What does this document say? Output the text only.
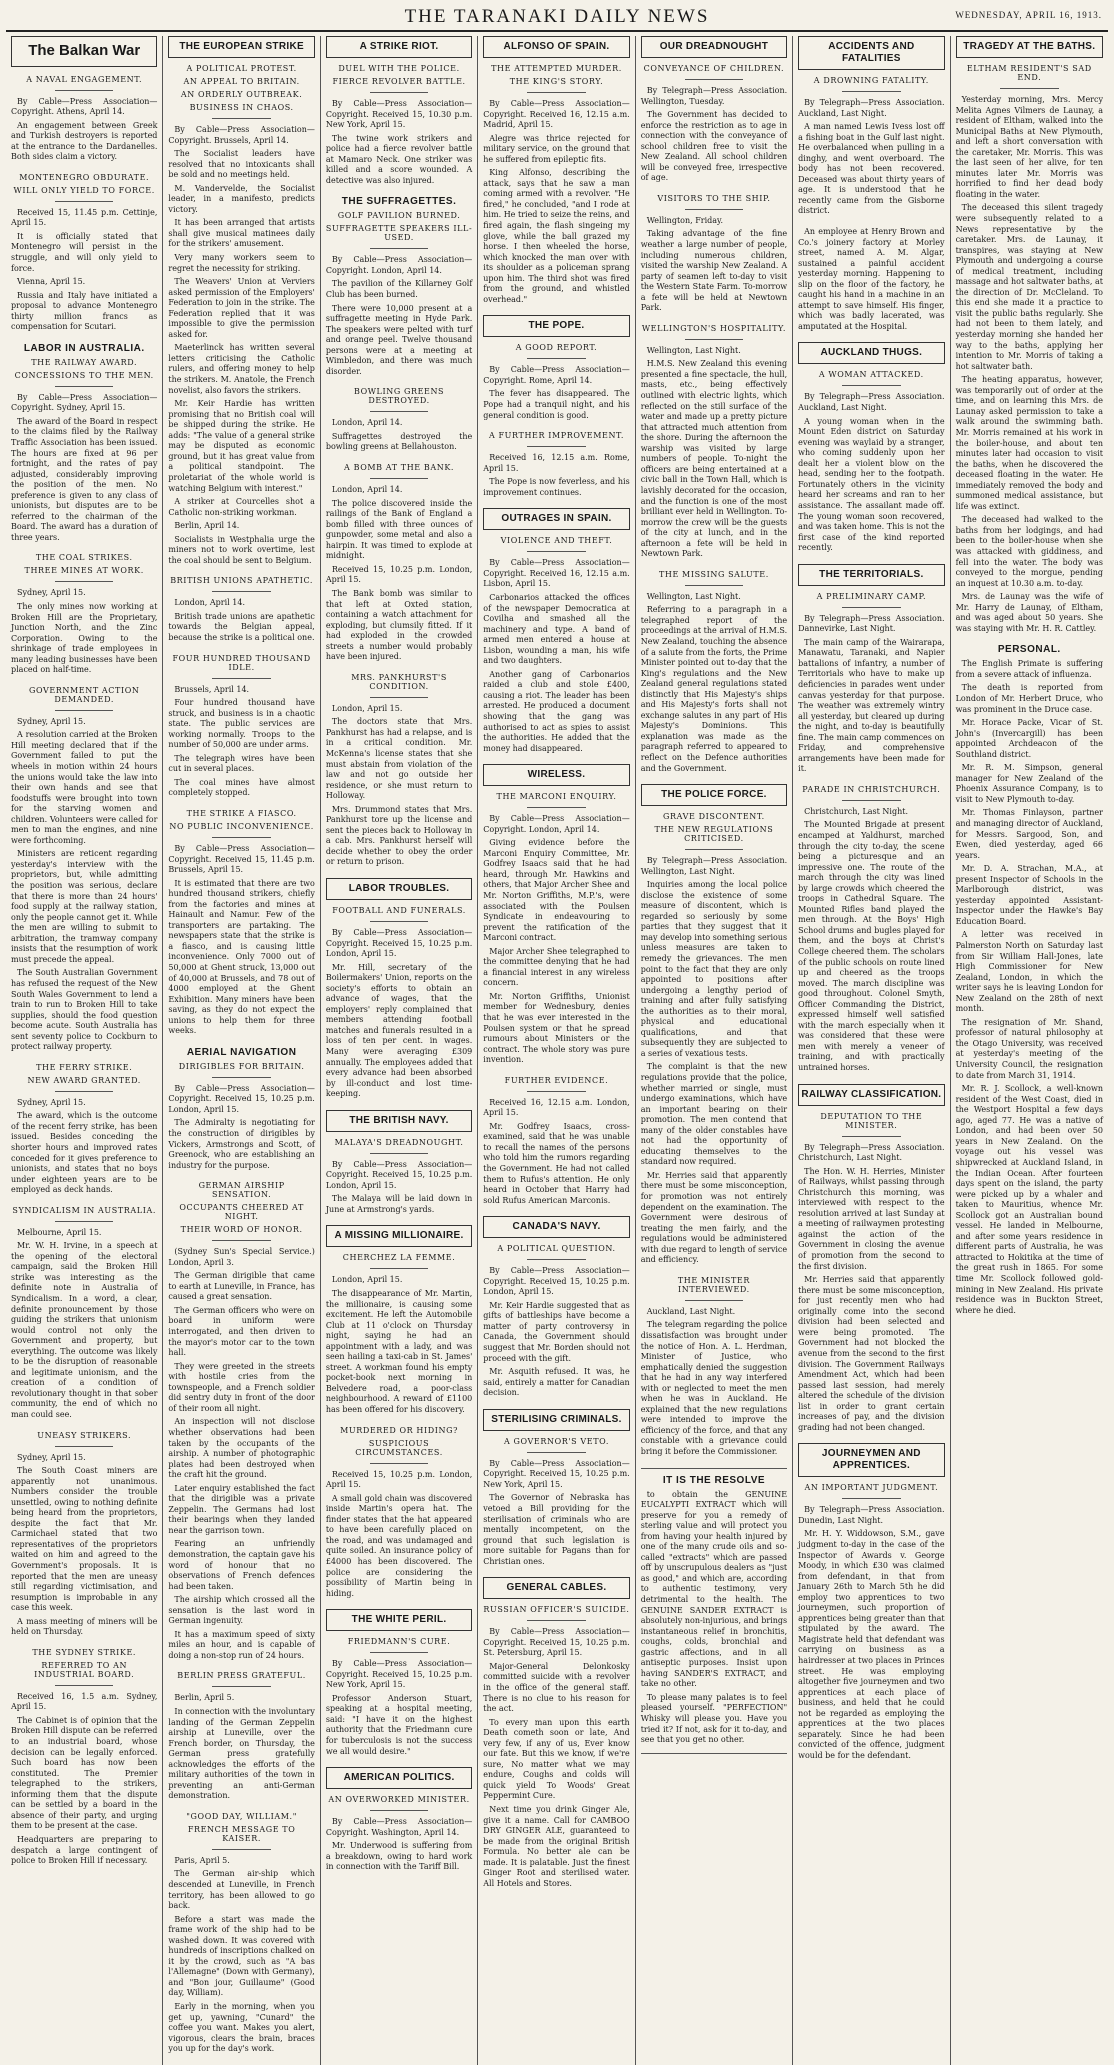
THE TARANAKI DAILY NEWS	WEDNESDAY, APRIL 16, 1913.
The Balkan War
A NAVAL ENGAGEMENT.

By Cable—Press Association—Copyright. Athens, April 14.

An engagement between Greek and Turkish destroyers is reported at the entrance to the Dardanelles. Both sides claim a victory.

MONTENEGRO OBDURATE.
WILL ONLY YIELD TO FORCE.

Received 15, 11.45 p.m. Cettinje, April 15.

It is officially stated that Montenegro will persist in the struggle, and will only yield to force.

Vienna, April 15.

Russia and Italy have initiated a proposal to advance Montenegro thirty million francs as compensation for Scutari.

LABOR IN AUSTRALIA.
THE RAILWAY AWARD.
CONCESSIONS TO THE MEN.

By Cable—Press Association—Copyright. Sydney, April 15.

The award of the Board in respect to the claims filed by the Railway Traffic Association has been issued. The hours are fixed at 96 per fortnight, and the rates of pay adjusted, considerably improving the position of the men. No preference is given to any class of unionists, but disputes are to be referred to the chairman of the Board. The award has a duration of three years.

THE COAL STRIKES.
THREE MINES AT WORK.

Sydney, April 15.

The only mines now working at Broken Hill are the Proprietary, Junction North, and the Zinc Corporation. Owing to the shrinkage of trade employees in many leading businesses have been placed on half-time.

GOVERNMENT ACTION DEMANDED.

Sydney, April 15.

A resolution carried at the Broken Hill meeting declared that if the Government failed to put the wheels in motion within 24 hours the unions would take the law into their own hands and see that foodstuffs were brought into town for the starving women and children. Volunteers were called for men to man the engines, and nine were forthcoming.

Ministers are reticent regarding yesterday's interview with the proprietors, but, while admitting the position was serious, declare that there is more than 24 hours' food supply at the railway station, only the people cannot get it. While the men are willing to submit to arbitration, the tramway company insists that the resumption of work must precede the appeal.

The South Australian Government has refused the request of the New South Wales Government to lend a train to run to Broken Hill to take supplies, should the food question become acute. South Australia has sent seventy police to Cockburn to protect railway property.

THE FERRY STRIKE.
NEW AWARD GRANTED.

Sydney, April 15.

The award, which is the outcome of the recent ferry strike, has been issued. Besides conceding the shorter hours and improved rates conceded for it gives preference to unionists, and states that no boys under eighteen years are to be employed as deck hands.

SYNDICALISM IN AUSTRALIA.

Melbourne, April 15.

Mr. W. H. Irvine, in a speech at the opening of the electoral campaign, said the Broken Hill strike was interesting as the definite note in Australia of Syndicalism. In a word, a clear, definite pronouncement by those guiding the strikers that unionism would control not only the Government and property, but everything. The outcome was likely to be the disruption of reasonable and legitimate unionism, and the creation of a condition of revolutionary thought in that sober community, the end of which no man could see.

UNEASY STRIKERS.

Sydney, April 15.

The South Coast miners are apparently not unanimous. Numbers consider the trouble unsettled, owing to nothing definite being heard from the proprietors, despite the fact that Mr. Carmichael stated that two representatives of the proprietors waited on him and agreed to the Government's proposals. It is reported that the men are uneasy still regarding victimisation, and resumption is improbable in any case this week.

A mass meeting of miners will be held on Thursday.

THE SYDNEY STRIKE.
REFERRED TO AN INDUSTRIAL BOARD.

Received 16, 1.5 a.m. Sydney, April 15.

The Cabinet is of opinion that the Broken Hill dispute can be referred to an industrial board, whose decision can be legally enforced. Such board has now been constituted. The Premier telegraphed to the strikers, informing them that the dispute can be settled by a board in the absence of their party, and urging them to be present at the case.

Headquarters are preparing to despatch a large contingent of police to Broken Hill if necessary.

THE EUROPEAN STRIKE
A POLITICAL PROTEST.
AN APPEAL TO BRITAIN.
AN ORDERLY OUTBREAK.
BUSINESS IN CHAOS.

By Cable—Press Association—Copyright. Brussels, April 14.

The Socialist leaders have resolved that no intoxicants shall be sold and no meetings held.

M. Vandervelde, the Socialist leader, in a manifesto, predicts victory.

It has been arranged that artists shall give musical matinees daily for the strikers' amusement.

Very many workers seem to regret the necessity for striking.

The Weavers' Union at Verviers asked permission of the Employers' Federation to join in the strike. The Federation replied that it was impossible to give the permission asked for.

Maeterlinck has written several letters criticising the Catholic rulers, and offering money to help the strikers. M. Anatole, the French novelist, also favors the strikers.

Mr. Keir Hardie has written promising that no British coal will be shipped during the strike. He adds: "The value of a general strike may be disputed as economic ground, but it has great value from a political standpoint. The proletariat of the whole world is watching Belgium with interest."

A striker at Courcelles shot a Catholic non-striking workman.

Berlin, April 14.

Socialists in Westphalia urge the miners not to work overtime, lest the coal should be sent to Belgium.

BRITISH UNIONS APATHETIC.

London, April 14.

British trade unions are apathetic towards the Belgian appeal, because the strike is a political one.

FOUR HUNDRED THOUSAND IDLE.

Brussels, April 14.

Four hundred thousand have struck, and business is in a chaotic state. The public services are working normally. Troops to the number of 50,000 are under arms.

The telegraph wires have been cut in several places.

The coal mines have almost completely stopped.

THE STRIKE A FIASCO.
NO PUBLIC INCONVENIENCE.

By Cable—Press Association—Copyright. Received 15, 11.45 p.m. Brussels, April 15.

It is estimated that there are two hundred thousand strikers, chiefly from the factories and mines at Hainault and Namur. Few of the transporters are partaking. The newspapers state that the strike is a fiasco, and is causing little inconvenience. Only 7000 out of 50,000 at Ghent struck, 13,000 out of 40,000 at Brussels, and 78 out of 4000 employed at the Ghent Exhibition. Many miners have been saving, as they do not expect the unions to help them for three weeks.

AERIAL NAVIGATION
DIRIGIBLES FOR BRITAIN.

By Cable—Press Association—Copyright. Received 15, 10.25 p.m. London, April 15.

The Admiralty is negotiating for the construction of dirigibles by Vickers, Armstrongs and Scott, of Greenock, who are establishing an industry for the purpose.

GERMAN AIRSHIP SENSATION.
OCCUPANTS CHEERED AT NIGHT.
THEIR WORD OF HONOR.

(Sydney Sun's Special Service.) London, April 3.

The German dirigible that came to earth at Luneville, in France, has caused a great sensation.

The German officers who were on board in uniform were interrogated, and then driven to the mayor's motor car to the town hall.

They were greeted in the streets with hostile cries from the townspeople, and a French soldier did sentry duty in front of the door of their room all night.

An inspection will not disclose whether observations had been taken by the occupants of the airship. A number of photographic plates had been destroyed when the craft hit the ground.

Later enquiry established the fact that the dirigible was a private Zeppelin. The Germans had lost their bearings when they landed near the garrison town.

Fearing an unfriendly demonstration, the captain gave his word of honour that no observations of French defences had been taken.

The airship which crossed all the sensation is the last word in German ingenuity.

It has a maximum speed of sixty miles an hour, and is capable of doing a non-stop run of 24 hours.

BERLIN PRESS GRATEFUL.

Berlin, April 5.

In connection with the involuntary landing of the German Zeppelin airship at Luneville, over the French border, on Thursday, the German press gratefully acknowledges the efforts of the military authorities of the town in preventing an anti-German demonstration.

"GOOD DAY, WILLIAM."
FRENCH MESSAGE TO KAISER.

Paris, April 5.

The German air-ship which descended at Luneville, in French territory, has been allowed to go back.

Before a start was made the frame work of the ship had to be washed down. It was covered with hundreds of inscriptions chalked on it by the crowd, such as "A bas l'Allemagne" (Down with Germany), and "Bon jour, Guillaume" (Good day, William).

Early in the morning, when you get up, yawning, "Cunard" the coffee you want. Makes you alert, vigorous, clears the brain, braces you up for the day's work.

A STRIKE RIOT.
DUEL WITH THE POLICE.
FIERCE REVOLVER BATTLE.

By Cable—Press Association—Copyright. Received 15, 10.30 p.m. New York, April 15.

The twine work strikers and police had a fierce revolver battle at Mamaro Neck. One striker was killed and a score wounded. A detective was also injured.

THE SUFFRAGETTES.
GOLF PAVILION BURNED.
SUFFRAGETTE SPEAKERS ILL-USED.

By Cable—Press Association—Copyright. London, April 14.

The pavilion of the Killarney Golf Club has been burned.

There were 10,000 present at a suffragette meeting in Hyde Park. The speakers were pelted with turf and orange peel. Twelve thousand persons were at a meeting at Wimbledon, and there was much disorder.

BOWLING GREENS DESTROYED.

London, April 14.

Suffragettes destroyed the bowling greens at Bellahouston.

A BOMB AT THE BANK.

London, April 14.

The police discovered inside the railings of the Bank of England a bomb filled with three ounces of gunpowder, some metal and also a hairpin. It was timed to explode at midnight.

Received 15, 10.25 p.m. London, April 15.

The Bank bomb was similar to that left at Oxted station, containing a watch attachment for exploding, but clumsily fitted. If it had exploded in the crowded streets a number would probably have been injured.

MRS. PANKHURST'S CONDITION.

London, April 15.

The doctors state that Mrs. Pankhurst has had a relapse, and is in a critical condition. Mr. McKenna's license states that she must abstain from violation of the law and not go outside her residence, or she must return to Holloway.

Mrs. Drummond states that Mrs. Pankhurst tore up the license and sent the pieces back to Holloway in a cab. Mrs. Pankhurst herself will decide whether to obey the order or return to prison.

LABOR TROUBLES.
FOOTBALL AND FUNERALS.

By Cable—Press Association—Copyright. Received 15, 10.25 p.m. London, April 15.

Mr. Hill, secretary of the Boilermakers' Union, reports on the society's efforts to obtain an advance of wages, that the employers' reply complained that members attending football matches and funerals resulted in a loss of ten per cent. in wages. Many were averaging £309 annually. The employees added that every advance had been absorbed by ill-conduct and lost time-keeping.

THE BRITISH NAVY.
MALAYA'S DREADNOUGHT.

By Cable—Press Association—Copyright. Received 15, 10.25 p.m. London, April 15.

The Malaya will be laid down in June at Armstrong's yards.

A MISSING MILLIONAIRE.
CHERCHEZ LA FEMME.

London, April 15.

The disappearance of Mr. Martin, the millionaire, is causing some excitement. He left the Automobile Club at 11 o'clock on Thursday night, saying he had an appointment with a lady, and was seen hailing a taxi-cab in St. James' street. A workman found his empty pocket-book next morning in Belvedere road, a poor-class neighbourhood. A reward of £1100 has been offered for his discovery.

MURDERED OR HIDING?
SUSPICIOUS CIRCUMSTANCES.

Received 15, 10.25 p.m. London, April 15.

A small gold chain was discovered inside Martin's opera hat. The finder states that the hat appeared to have been carefully placed on the road, and was undamaged and quite soiled. An insurance policy of £4000 has been discovered. The police are considering the possibility of Martin being in hiding.

THE WHITE PERIL.
FRIEDMANN'S CURE.

By Cable—Press Association—Copyright. Received 15, 10.25 p.m. New York, April 15.

Professor Anderson Stuart, speaking at a hospital meeting, said: "I have it on the highest authority that the Friedmann cure for tuberculosis is not the success we all would desire."

AMERICAN POLITICS.
AN OVERWORKED MINISTER.

By Cable—Press Association—Copyright. Washington, April 14.

Mr. Underwood is suffering from a breakdown, owing to hard work in connection with the Tariff Bill.

ALFONSO OF SPAIN.
THE ATTEMPTED MURDER.
THE KING'S STORY.

By Cable—Press Association—Copyright. Received 16, 12.15 a.m. Madrid, April 15.

Alegre was thrice rejected for military service, on the ground that he suffered from epileptic fits.

King Alfonso, describing the attack, says that he saw a man coming armed with a revolver. "He fired," he concluded, "and I rode at him. He tried to seize the reins, and fired again, the flash singeing my glove, while the ball grazed my horse. I then wheeled the horse, which knocked the man over with its shoulder as a policeman sprang upon him. The third shot was fired from the ground, and whistled overhead."

THE POPE.
A GOOD REPORT.

By Cable—Press Association—Copyright. Rome, April 14.

The fever has disappeared. The Pope had a tranquil night, and his general condition is good.

A FURTHER IMPROVEMENT.

Received 16, 12.15 a.m. Rome, April 15.

The Pope is now feverless, and his improvement continues.

OUTRAGES IN SPAIN.
VIOLENCE AND THEFT.

By Cable—Press Association—Copyright. Received 16, 12.15 a.m. Lisbon, April 15.

Carbonarios attacked the offices of the newspaper Democratica at Covilha and smashed all the machinery and type. A band of armed men entered a house at Lisbon, wounding a man, his wife and two daughters.

Another gang of Carbonarios raided a club and stole £400, causing a riot. The leader has been arrested. He produced a document showing that the gang was authorised to act as spies to assist the authorities. He added that the money had disappeared.

WIRELESS.
THE MARCONI ENQUIRY.

By Cable—Press Association—Copyright. London, April 14.

Giving evidence before the Marconi Enquiry Committee, Mr. Godfrey Isaacs said that he had heard, through Mr. Hawkins and others, that Major Archer Shee and Mr. Norton Griffiths, M.P.'s, were associated with the Poulsen Syndicate in endeavouring to prevent the ratification of the Marconi contract.

Major Archer Shee telegraphed to the committee denying that he had a financial interest in any wireless concern.

Mr. Norton Griffiths, Unionist member for Wednesbury, denies that he was ever interested in the Poulsen system or that he spread rumours about Ministers or the contract. The whole story was pure invention.

FURTHER EVIDENCE.

Received 16, 12.15 a.m. London, April 15.

Mr. Godfrey Isaacs, cross-examined, said that he was unable to recall the names of the persons who told him the rumors regarding the Government. He had not called them to Rufus's attention. He only heard in October that Harry had sold Rufus American Marconis.

CANADA'S NAVY.
A POLITICAL QUESTION.

By Cable—Press Association—Copyright. Received 15, 10.25 p.m. London, April 15.

Mr. Keir Hardie suggested that as gifts of battleships have become a matter of party controversy in Canada, the Government should suggest that Mr. Borden should not proceed with the gift.

Mr. Asquith refused. It was, he said, entirely a matter for Canadian decision.

STERILISING CRIMINALS.
A GOVERNOR'S VETO.

By Cable—Press Association—Copyright. Received 15, 10.25 p.m. New York, April 15.

The Governor of Nebraska has vetoed a Bill providing for the sterilisation of criminals who are mentally incompetent, on the ground that such legislation is more suitable for Pagans than for Christian ones.

GENERAL CABLES.
RUSSIAN OFFICER'S SUICIDE.

By Cable—Press Association—Copyright. Received 15, 10.25 p.m. St. Petersburg, April 15.

Major-General Delonkosky committed suicide with a revolver in the office of the general staff. There is no clue to his reason for the act.

To every man upon this earth Death cometh soon or late, And very few, if any of us, Ever know our fate. But this we know, if we're sure, No matter what we may endure, Coughs and colds will quick yield To Woods' Great Peppermint Cure.

Next time you drink Ginger Ale, give it a name. Call for CAMBOO DRY GINGER ALE, guaranteed to be made from the original British Formula. No better ale can be made. It is palatable. Just the finest Ginger Root and sterilised water. All Hotels and Stores.

OUR DREADNOUGHT
CONVEYANCE OF CHILDREN.

By Telegraph—Press Association. Wellington, Tuesday.

The Government has decided to enforce the restriction as to age in connection with the conveyance of school children free to visit the New Zealand. All school children will be conveyed free, irrespective of age.

VISITORS TO THE SHIP.

Wellington, Friday.

Taking advantage of the fine weather a large number of people, including numerous children, visited the warship New Zealand. A party of seamen left to-day to visit the Western State Farm. To-morrow a fete will be held at Newtown Park.

WELLINGTON'S HOSPITALITY.

Wellington, Last Night.

H.M.S. New Zealand this evening presented a fine spectacle, the hull, masts, etc., being effectively outlined with electric lights, which reflected on the still surface of the water and made up a pretty picture that attracted much attention from the shore. During the afternoon the warship was visited by large numbers of people. To-night the officers are being entertained at a civic ball in the Town Hall, which is lavishly decorated for the occasion, and the function is one of the most brilliant ever held in Wellington. To-morrow the crew will be the guests of the city at lunch, and in the afternoon a fete will be held in Newtown Park.

THE MISSING SALUTE.

Wellington, Last Night.

Referring to a paragraph in a telegraphed report of the proceedings at the arrival of H.M.S. New Zealand, touching the absence of a salute from the forts, the Prime Minister pointed out to-day that the King's regulations and the New Zealand general regulations stated distinctly that His Majesty's ships and His Majesty's forts shall not exchange salutes in any part of His Majesty's Dominions. This explanation was made as the paragraph referred to appeared to reflect on the Defence authorities and the Government.

THE POLICE FORCE.
GRAVE DISCONTENT.
THE NEW REGULATIONS CRITICISED.

By Telegraph—Press Association. Wellington, Last Night.

Inquiries among the local police disclose the existence of some measure of discontent, which is regarded so seriously by some parties that they suggest that it may develop into something serious unless measures are taken to remedy the grievances. The men point to the fact that they are only appointed to positions after undergoing a lengthy period of training and after fully satisfying the authorities as to their moral, physical and educational qualifications, and that subsequently they are subjected to a series of vexatious tests.

The complaint is that the new regulations provide that the police, whether married or single, must undergo examinations, which have an important bearing on their promotion. The men contend that many of the older constables have not had the opportunity of educating themselves to the standard now required.

Mr. Herries said that apparently there must be some misconception, for promotion was not entirely dependent on the examination. The Government were desirous of treating the men fairly, and the regulations would be administered with due regard to length of service and efficiency.

THE MINISTER INTERVIEWED.

Auckland, Last Night.

The telegram regarding the police dissatisfaction was brought under the notice of Hon. A. L. Herdman, Minister of Justice, who emphatically denied the suggestion that he had in any way interfered with or neglected to meet the men when he was in Auckland. He explained that the new regulations were intended to improve the efficiency of the force, and that any constable with a grievance could bring it before the Commissioner.

IT IS THE RESOLVE

to obtain the GENUINE EUCALYPTI EXTRACT which will preserve for you a remedy of sterling value and will protect you from having your health injured by one of the many crude oils and so-called "extracts" which are passed off by unscrupulous dealers as "just as good," and which are, according to authentic testimony, very detrimental to the health. The GENUINE SANDER EXTRACT is absolutely non-injurious, and brings instantaneous relief in bronchitis, coughs, colds, bronchial and gastric affections, and in all antiseptic purposes. Insist upon having SANDER'S EXTRACT, and take no other.

To please many palates is to feel pleased yourself. "PERFECTION" Whisky will please you. Have you tried it? If not, ask for it to-day, and see that you get no other.

ACCIDENTS AND FATALITIES
A DROWNING FATALITY.

By Telegraph—Press Association. Auckland, Last Night.

A man named Lewis Ivess lost off a fishing boat in the Gulf last night. He overbalanced when pulling in a dinghy, and went overboard. The body has not been recovered. Deceased was about thirty years of age. It is understood that he recently came from the Gisborne district.

An employee at Henry Brown and Co.'s joinery factory at Morley street, named A. M. Algar, sustained a painful accident yesterday morning. Happening to slip on the floor of the factory, he caught his hand in a machine in an attempt to save himself. His finger, which was badly lacerated, was amputated at the Hospital.

AUCKLAND THUGS.
A WOMAN ATTACKED.

By Telegraph—Press Association. Auckland, Last Night.

A young woman when in the Mount Eden district on Saturday evening was waylaid by a stranger, who coming suddenly upon her dealt her a violent blow on the head, sending her to the footpath. Fortunately others in the vicinity heard her screams and ran to her assistance. The assailant made off. The young woman soon recovered, and was taken home. This is not the first case of the kind reported recently.

THE TERRITORIALS.
A PRELIMINARY CAMP.

By Telegraph—Press Association. Dannevirke, Last Night.

The main camp of the Wairarapa, Manawatu, Taranaki, and Napier battalions of infantry, a number of Territorials who have to make up deficiencies in parades went under canvas yesterday for that purpose. The weather was extremely wintry all yesterday, but cleared up during the night, and to-day is beautifully fine. The main camp commences on Friday, and comprehensive arrangements have been made for it.

PARADE IN CHRISTCHURCH.

Christchurch, Last Night.

The Mounted Brigade at present encamped at Yaldhurst, marched through the city to-day, the scene being a picturesque and an impressive one. The route of the march through the city was lined by large crowds which cheered the troops in Cathedral Square. The Mounted Rifles band played the men through. At the Boys' High School drums and bugles played for them, and the boys at Christ's College cheered them. The scholars of the public schools on route lined up and cheered as the troops moved. The march discipline was good throughout. Colonel Smyth, Officer Commanding the District, expressed himself well satisfied with the march especially when it was considered that these were men with merely a veneer of training, and with practically untrained horses.

RAILWAY CLASSIFICATION.
DEPUTATION TO THE MINISTER.

By Telegraph—Press Association. Christchurch, Last Night.

The Hon. W. H. Herries, Minister of Railways, whilst passing through Christchurch this morning, was interviewed with respect to the resolution arrived at last Sunday at a meeting of railwaymen protesting against the action of the Government in closing the avenue of promotion from the second to the first division.

Mr. Herries said that apparently there must be some misconception, for just recently men who had originally come into the second division had been selected and were being promoted. The Government had not blocked the avenue from the second to the first division. The Government Railways Amendment Act, which had been passed last session, had merely altered the schedule of the division list in order to grant certain increases of pay, and the division grading had not been changed.

JOURNEYMEN AND APPRENTICES.
AN IMPORTANT JUDGMENT.

By Telegraph—Press Association. Dunedin, Last Night.

Mr. H. Y. Widdowson, S.M., gave judgment to-day in the case of the Inspector of Awards v. George Moody, in which £30 was claimed from defendant, in that from January 26th to March 5th he did employ two apprentices to two journeymen, such proportion of apprentices being greater than that stipulated by the award. The Magistrate held that defendant was carrying on business as a hairdresser at two places in Princes street. He was employing altogether five journeymen and two apprentices at each place of business, and held that he could not be regarded as employing the apprentices at the two places separately. Since he had been convicted of the offence, judgment would be for the defendant.

TRAGEDY AT THE BATHS.
ELTHAM RESIDENT'S SAD END.

Yesterday morning, Mrs. Mercy Melita Agnes Vilmers de Launay, a resident of Eltham, walked into the Municipal Baths at New Plymouth, and left a short conversation with the caretaker, Mr. Morris. This was the last seen of her alive, for ten minutes later Mr. Morris was horrified to find her dead body floating in the water.

The deceased this silent tragedy were subsequently related to a News representative by the caretaker. Mrs. de Launay, it transpires, was staying at New Plymouth and undergoing a course of medical treatment, including massage and hot saltwater baths, at the direction of Dr. McCleland. To this end she made it a practice to visit the public baths regularly. She had not been to them lately, and yesterday morning she handed her way to the baths, applying her intention to Mr. Morris of taking a hot saltwater bath.

The heating apparatus, however, was temporarily out of order at the time, and on learning this Mrs. de Launay asked permission to take a walk around the swimming bath. Mr. Morris remained at his work in the boiler-house, and about ten minutes later had occasion to visit the baths, when he discovered the deceased floating in the water. He immediately removed the body and summoned medical assistance, but life was extinct.

The deceased had walked to the baths from her lodgings, and had been to the boiler-house when she was attacked with giddiness, and fell into the water. The body was conveyed to the morgue, pending an inquest at 10.30 a.m. to-day.

Mrs. de Launay was the wife of Mr. Harry de Launay, of Eltham, and was aged about 50 years. She was staying with Mr. H. R. Cattley.

PERSONAL.

The English Primate is suffering from a severe attack of influenza.

The death is reported from London of Mr. Herbert Druce, who was prominent in the Druce case.

Mr. Horace Packe, Vicar of St. John's (Invercargill) has been appointed Archdeacon of the Southland district.

Mr. R. M. Simpson, general manager for New Zealand of the Phoenix Assurance Company, is to visit to New Plymouth to-day.

Mr. Thomas Finlayson, partner and managing director of Auckland, for Messrs. Sargood, Son, and Ewen, died yesterday, aged 66 years.

Mr. D. A. Strachan, M.A., at present Inspector of Schools in the Marlborough district, was yesterday appointed Assistant-Inspector under the Hawke's Bay Education Board.

A letter was received in Palmerston North on Saturday last from Sir William Hall-Jones, late High Commissioner for New Zealand, London, in which the writer says he is leaving London for New Zealand on the 28th of next month.

The resignation of Mr. Shand, professor of natural philosophy at the Otago University, was received at yesterday's meeting of the University Council, the resignation to date from March 31, 1914.

Mr. R. J. Scollock, a well-known resident of the West Coast, died in the Westport Hospital a few days ago, aged 77. He was a native of London, and had been over 50 years in New Zealand. On the voyage out his vessel was shipwrecked at Auckland Island, in the Indian Ocean. After fourteen days spent on the island, the party were picked up by a whaler and taken to Mauritius, whence Mr. Scollock got an Australian bound vessel. He landed in Melbourne, and after some years residence in different parts of Australia, he was attracted to Hokitika at the time of the great rush in 1865. For some time Mr. Scollock followed gold-mining in New Zealand. His private residence was in Buckton Street, where he died.
